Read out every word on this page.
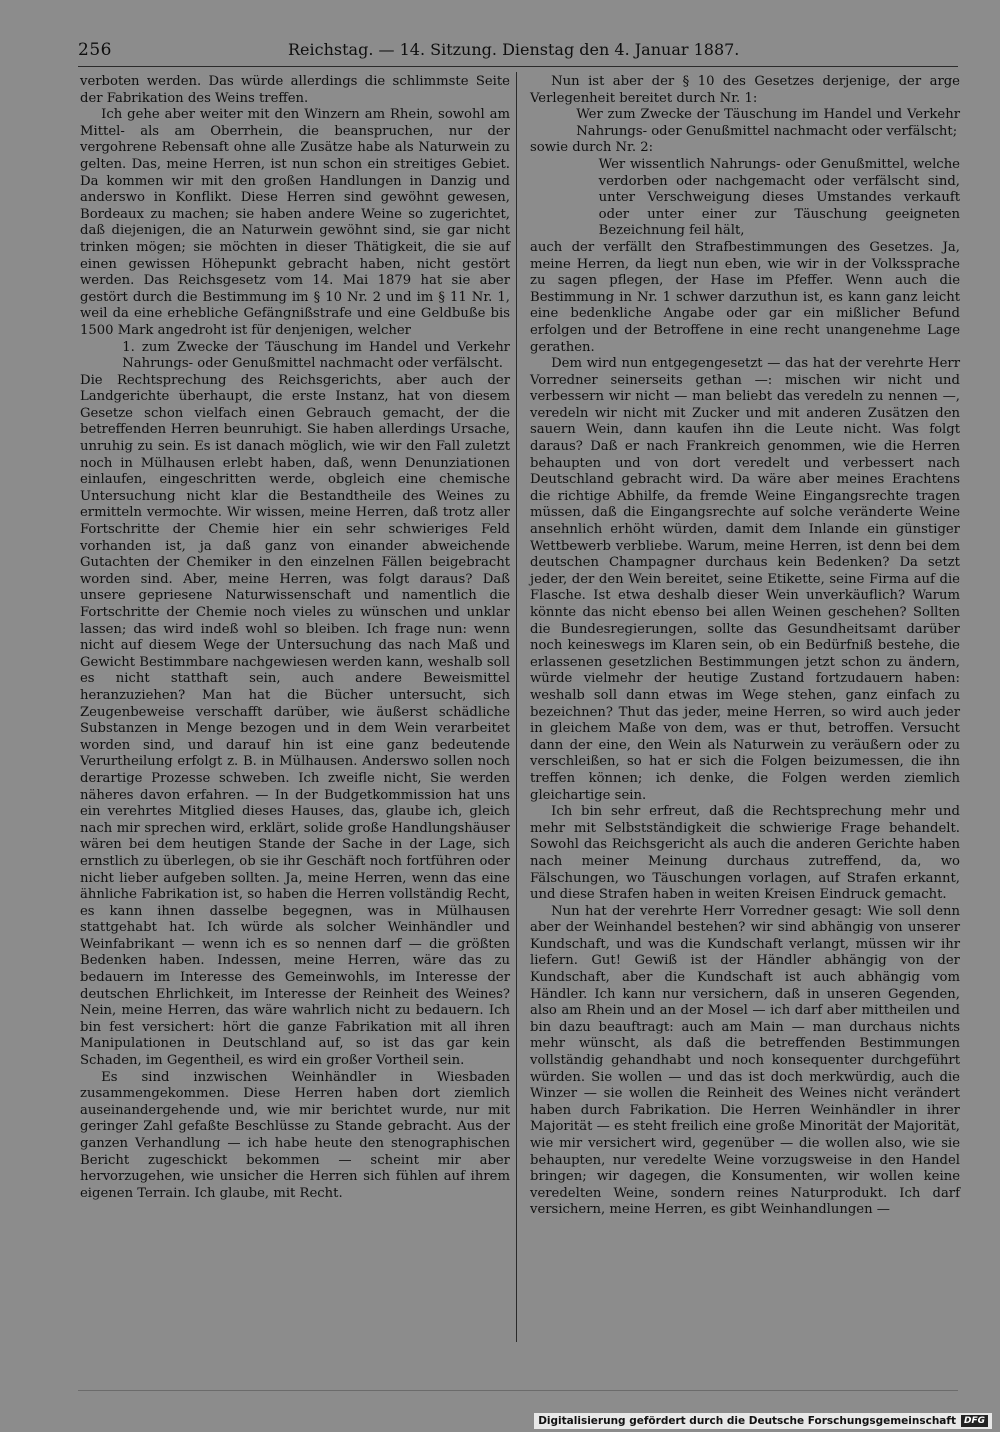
256	Reichstag. — 14. Sitzung. Dienstag den 4. Januar 1887.

verboten werden. Das würde allerdings die schlimmste Seite der Fabrikation des Weins treffen.

Ich gehe aber weiter mit den Winzern am Rhein, sowohl am Mittel- als am Oberrhein, die beanspruchen, nur der vergohrene Rebensaft ohne alle Zusätze habe als Naturwein zu gelten. Das, meine Herren, ist nun schon ein streitiges Gebiet. Da kommen wir mit den großen Handlungen in Danzig und anderswo in Konflikt. Diese Herren sind gewöhnt gewesen, Bordeaux zu machen; sie haben andere Weine so zugerichtet, daß diejenigen, die an Naturwein gewöhnt sind, sie gar nicht trinken mögen; sie möchten in dieser Thätigkeit, die sie auf einen gewissen Höhepunkt gebracht haben, nicht gestört werden. Das Reichsgesetz vom 14. Mai 1879 hat sie aber gestört durch die Bestimmung im § 10 Nr. 2 und im § 11 Nr. 1, weil da eine erhebliche Gefängnißstrafe und eine Geldbuße bis 1500 Mark angedroht ist für denjenigen, welcher

1. zum Zwecke der Täuschung im Handel und Verkehr Nahrungs- oder Genußmittel nachmacht oder verfälscht.

Die Rechtsprechung des Reichsgerichts, aber auch der Landgerichte überhaupt, die erste Instanz, hat von diesem Gesetze schon vielfach einen Gebrauch gemacht, der die betreffenden Herren beunruhigt. Sie haben allerdings Ursache, unruhig zu sein. Es ist danach möglich, wie wir den Fall zuletzt noch in Mülhausen erlebt haben, daß, wenn Denunziationen einlaufen, eingeschritten werde, obgleich eine chemische Untersuchung nicht klar die Bestandtheile des Weines zu ermitteln vermochte. Wir wissen, meine Herren, daß trotz aller Fortschritte der Chemie hier ein sehr schwieriges Feld vorhanden ist, ja daß ganz von einander abweichende Gutachten der Chemiker in den einzelnen Fällen beigebracht worden sind. Aber, meine Herren, was folgt daraus? Daß unsere gepriesene Naturwissenschaft und namentlich die Fortschritte der Chemie noch vieles zu wünschen und unklar lassen; das wird indeß wohl so bleiben. Ich frage nun: wenn nicht auf diesem Wege der Untersuchung das nach Maß und Gewicht Bestimmbare nachgewiesen werden kann, weshalb soll es nicht statthaft sein, auch andere Beweismittel heranzuziehen? Man hat die Bücher untersucht, sich Zeugenbeweise verschafft darüber, wie äußerst schädliche Substanzen in Menge bezogen und in dem Wein verarbeitet worden sind, und darauf hin ist eine ganz bedeutende Verurtheilung erfolgt z. B. in Mülhausen. Anderswo sollen noch derartige Prozesse schweben. Ich zweifle nicht, Sie werden näheres davon erfahren. — In der Budgetkommission hat uns ein verehrtes Mitglied dieses Hauses, das, glaube ich, gleich nach mir sprechen wird, erklärt, solide große Handlungshäuser wären bei dem heutigen Stande der Sache in der Lage, sich ernstlich zu überlegen, ob sie ihr Geschäft noch fortführen oder nicht lieber aufgeben sollten. Ja, meine Herren, wenn das eine ähnliche Fabrikation ist, so haben die Herren vollständig Recht, es kann ihnen dasselbe begegnen, was in Mülhausen stattgehabt hat. Ich würde als solcher Weinhändler und Weinfabrikant — wenn ich es so nennen darf — die größten Bedenken haben. Indessen, meine Herren, wäre das zu bedauern im Interesse des Gemeinwohls, im Interesse der deutschen Ehrlichkeit, im Interesse der Reinheit des Weines? Nein, meine Herren, das wäre wahrlich nicht zu bedauern. Ich bin fest versichert: hört die ganze Fabrikation mit all ihren Manipulationen in Deutschland auf, so ist das gar kein Schaden, im Gegentheil, es wird ein großer Vortheil sein.

Es sind inzwischen Weinhändler in Wiesbaden zusammengekommen. Diese Herren haben dort ziemlich auseinandergehende und, wie mir berichtet wurde, nur mit geringer Zahl gefaßte Beschlüsse zu Stande gebracht. Aus der ganzen Verhandlung — ich habe heute den stenographischen Bericht zugeschickt bekommen — scheint mir aber hervorzugehen, wie unsicher die Herren sich fühlen auf ihrem eigenen Terrain. Ich glaube, mit Recht.

Nun ist aber der § 10 des Gesetzes derjenige, der arge Verlegenheit bereitet durch Nr. 1:

Wer zum Zwecke der Täuschung im Handel und Verkehr Nahrungs- oder Genußmittel nachmacht oder verfälscht;

sowie durch Nr. 2:

Wer wissentlich Nahrungs- oder Genußmittel, welche verdorben oder nachgemacht oder verfälscht sind, unter Verschweigung dieses Umstandes verkauft oder unter einer zur Täuschung geeigneten Bezeichnung feil hält,

auch der verfällt den Strafbestimmungen des Gesetzes. Ja, meine Herren, da liegt nun eben, wie wir in der Volkssprache zu sagen pflegen, der Hase im Pfeffer. Wenn auch die Bestimmung in Nr. 1 schwer darzuthun ist, es kann ganz leicht eine bedenkliche Angabe oder gar ein mißlicher Befund erfolgen und der Betroffene in eine recht unangenehme Lage gerathen.

Dem wird nun entgegengesetzt — das hat der verehrte Herr Vorredner seinerseits gethan —: mischen wir nicht und verbessern wir nicht — man beliebt das veredeln zu nennen —, veredeln wir nicht mit Zucker und mit anderen Zusätzen den sauern Wein, dann kaufen ihn die Leute nicht. Was folgt daraus? Daß er nach Frankreich genommen, wie die Herren behaupten und von dort veredelt und verbessert nach Deutschland gebracht wird. Da wäre aber meines Erachtens die richtige Abhilfe, da fremde Weine Eingangsrechte tragen müssen, daß die Eingangsrechte auf solche veränderte Weine ansehnlich erhöht würden, damit dem Inlande ein günstiger Wettbewerb verbliebe. Warum, meine Herren, ist denn bei dem deutschen Champagner durchaus kein Bedenken? Da setzt jeder, der den Wein bereitet, seine Etikette, seine Firma auf die Flasche. Ist etwa deshalb dieser Wein unverkäuflich? Warum könnte das nicht ebenso bei allen Weinen geschehen? Sollten die Bundesregierungen, sollte das Gesundheitsamt darüber noch keineswegs im Klaren sein, ob ein Bedürfniß bestehe, die erlassenen gesetzlichen Bestimmungen jetzt schon zu ändern, würde vielmehr der heutige Zustand fortzudauern haben: weshalb soll dann etwas im Wege stehen, ganz einfach zu bezeichnen? Thut das jeder, meine Herren, so wird auch jeder in gleichem Maße von dem, was er thut, betroffen. Versucht dann der eine, den Wein als Naturwein zu veräußern oder zu verschleißen, so hat er sich die Folgen beizumessen, die ihn treffen können; ich denke, die Folgen werden ziemlich gleichartige sein.

Ich bin sehr erfreut, daß die Rechtsprechung mehr und mehr mit Selbstständigkeit die schwierige Frage behandelt. Sowohl das Reichsgericht als auch die anderen Gerichte haben nach meiner Meinung durchaus zutreffend, da, wo Fälschungen, wo Täuschungen vorlagen, auf Strafen erkannt, und diese Strafen haben in weiten Kreisen Eindruck gemacht.

Nun hat der verehrte Herr Vorredner gesagt: Wie soll denn aber der Weinhandel bestehen? wir sind abhängig von unserer Kundschaft, und was die Kundschaft verlangt, müssen wir ihr liefern. Gut! Gewiß ist der Händler abhängig von der Kundschaft, aber die Kundschaft ist auch abhängig vom Händler. Ich kann nur versichern, daß in unseren Gegenden, also am Rhein und an der Mosel — ich darf aber mittheilen und bin dazu beauftragt: auch am Main — man durchaus nichts mehr wünscht, als daß die betreffenden Bestimmungen vollständig gehandhabt und noch konsequenter durchgeführt würden. Sie wollen — und das ist doch merkwürdig, auch die Winzer — sie wollen die Reinheit des Weines nicht verändert haben durch Fabrikation. Die Herren Weinhändler in ihrer Majorität — es steht freilich eine große Minorität der Majorität, wie mir versichert wird, gegenüber — die wollen also, wie sie behaupten, nur veredelte Weine vorzugsweise in den Handel bringen; wir dagegen, die Konsumenten, wir wollen keine veredelten Weine, sondern reines Naturprodukt. Ich darf versichern, meine Herren, es gibt Weinhandlungen —

Digitalisierung gefördert durch die Deutsche Forschungsgemeinschaft DFG
